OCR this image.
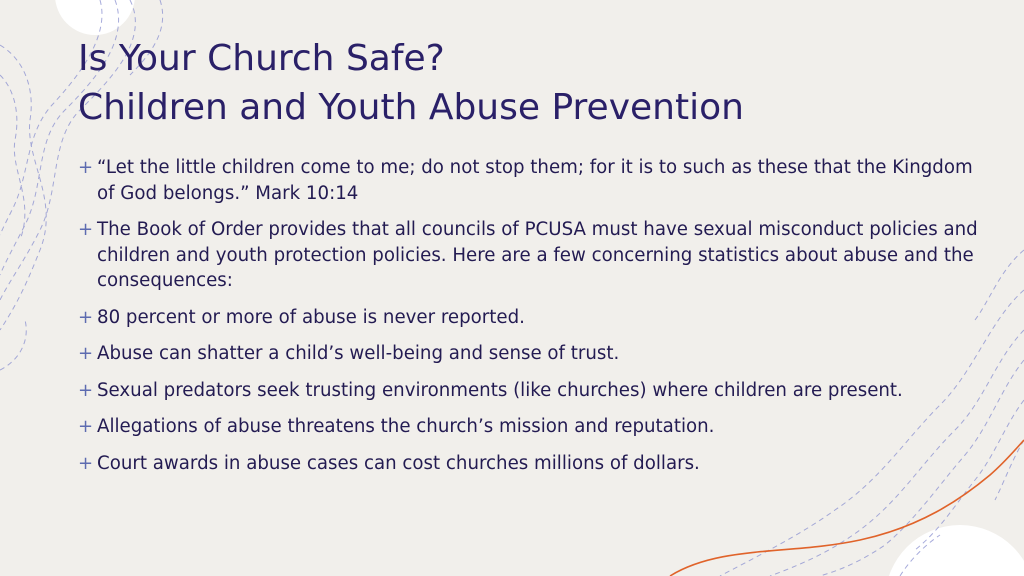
Is Your Church Safe?
Children and Youth Abuse Prevention
+ “Let the little children come to me; do not stop them; for it is to such as these that the Kingdom of God belongs.” Mark 10:14
+ The Book of Order provides that all councils of PCUSA must have sexual misconduct policies and children and youth protection policies. Here are a few concerning statistics about abuse and the consequences:
+ 80 percent or more of abuse is never reported.
+ Abuse can shatter a child’s well-being and sense of trust.
+ Sexual predators seek trusting environments (like churches) where children are present.
+ Allegations of abuse threatens the church’s mission and reputation.
+ Court awards in abuse cases can cost churches millions of dollars.
